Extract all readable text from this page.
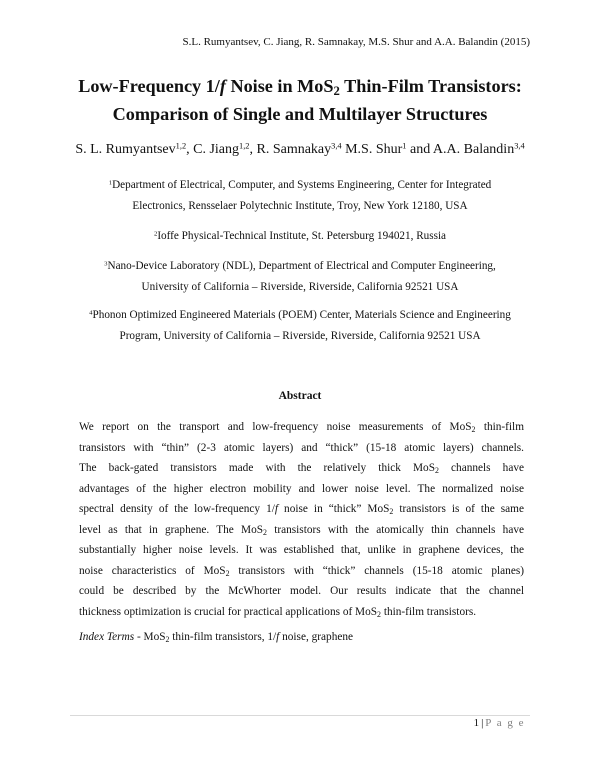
S.L. Rumyantsev, C. Jiang, R. Samnakay, M.S. Shur and A.A. Balandin (2015)
Low-Frequency 1/f Noise in MoS$_2$ Thin-Film Transistors:
Comparison of Single and Multilayer Structures
S. L. Rumyantsev$^{1,2}$, C. Jiang$^{1,2}$, R. Samnakay$^{3,4}$ M.S. Shur$^1$ and A.A. Balandin$^{3,4}$
$^1$Department of Electrical, Computer, and Systems Engineering, Center for Integrated
Electronics, Rensselaer Polytechnic Institute, Troy, New York 12180, USA
$^2$Ioffe Physical-Technical Institute, St. Petersburg 194021, Russia
$^3$Nano-Device Laboratory (NDL), Department of Electrical and Computer Engineering,
University of California – Riverside, Riverside, California 92521 USA
$^4$Phonon Optimized Engineered Materials (POEM) Center, Materials Science and Engineering
Program, University of California – Riverside, Riverside, California 92521 USA
Abstract
We report on the transport and low-frequency noise measurements of MoS$_2$ thin-film
transistors with “thin” (2-3 atomic layers) and “thick” (15-18 atomic layers) channels.
The back-gated transistors made with the relatively thick MoS$_2$ channels have
advantages of the higher electron mobility and lower noise level. The normalized noise
spectral density of the low-frequency 1/f noise in “thick” MoS$_2$ transistors is of the same
level as that in graphene. The MoS$_2$ transistors with the atomically thin channels have
substantially higher noise levels. It was established that, unlike in graphene devices, the
noise characteristics of MoS$_2$ transistors with “thick” channels (15-18 atomic planes)
could be described by the McWhorter model. Our results indicate that the channel
thickness optimization is crucial for practical applications of MoS$_2$ thin-film transistors.
Index Terms - MoS$_2$ thin-film transistors, 1/f noise, graphene
1 | P a g e
